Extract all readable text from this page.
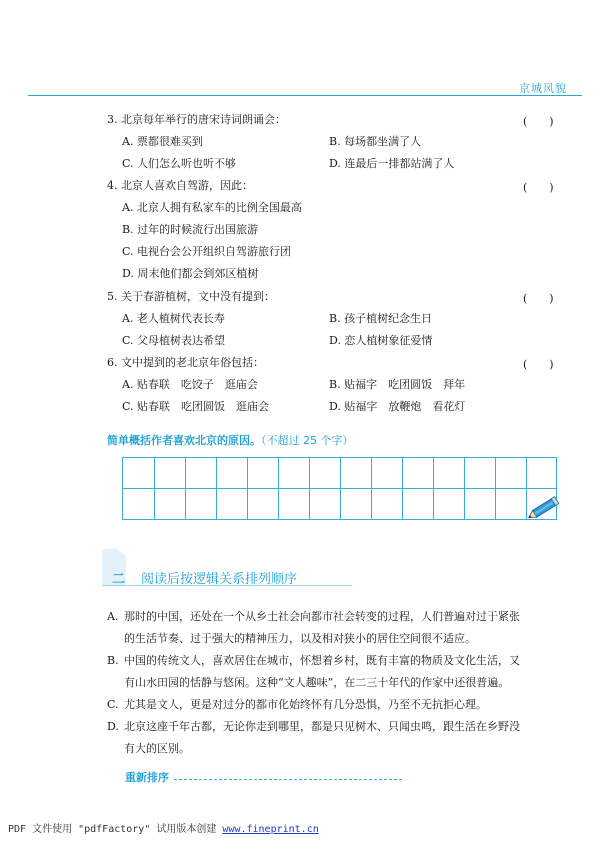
京城风貌
3. 北京每年举行的唐宋诗词朗诵会：	(　　)
A. 票都很难买到	B. 每场都坐满了人
C. 人们怎么听也听不够	D. 连最后一排都站满了人
4. 北京人喜欢自驾游，因此：	(　　)
A. 北京人拥有私家车的比例全国最高
B. 过年的时候流行出国旅游
C. 电视台会公开组织自驾游旅行团
D. 周末他们都会到郊区植树
5. 关于春游植树，文中没有提到：	(　　)
A. 老人植树代表长寿	B. 孩子植树纪念生日
C. 父母植树表达希望	D. 恋人植树象征爱情
6. 文中提到的老北京年俗包括：	(　　)
A. 贴春联　吃饺子　逛庙会	B. 贴福字　吃团圆饭　拜年
C. 贴春联　吃团圆饭　逛庙会	D. 贴福字　放鞭炮　看花灯
简单概括作者喜欢北京的原因。（不超过 25 个字）
二 阅读后按逻辑关系排列顺序
A. 那时的中国，还处在一个从乡土社会向都市社会转变的过程，人们普遍对过于紧张
的生活节奏、过于强大的精神压力，以及相对狭小的居住空间很不适应。
B. 中国的传统文人，喜欢居住在城市，怀想着乡村，既有丰富的物质及文化生活，又
有山水田园的恬静与悠闲。这种“文人趣味”，在二三十年代的作家中还很普遍。
C. 尤其是文人，更是对过分的都市化始终怀有几分恐惧，乃至不无抗拒心理。
D. 北京这座千年古都，无论你走到哪里，都是只见树木、只闻虫鸣，跟生活在乡野没
有大的区别。
重新排序
PDF 文件使用 "pdfFactory" 试用版本创建 www.fineprint.cn
